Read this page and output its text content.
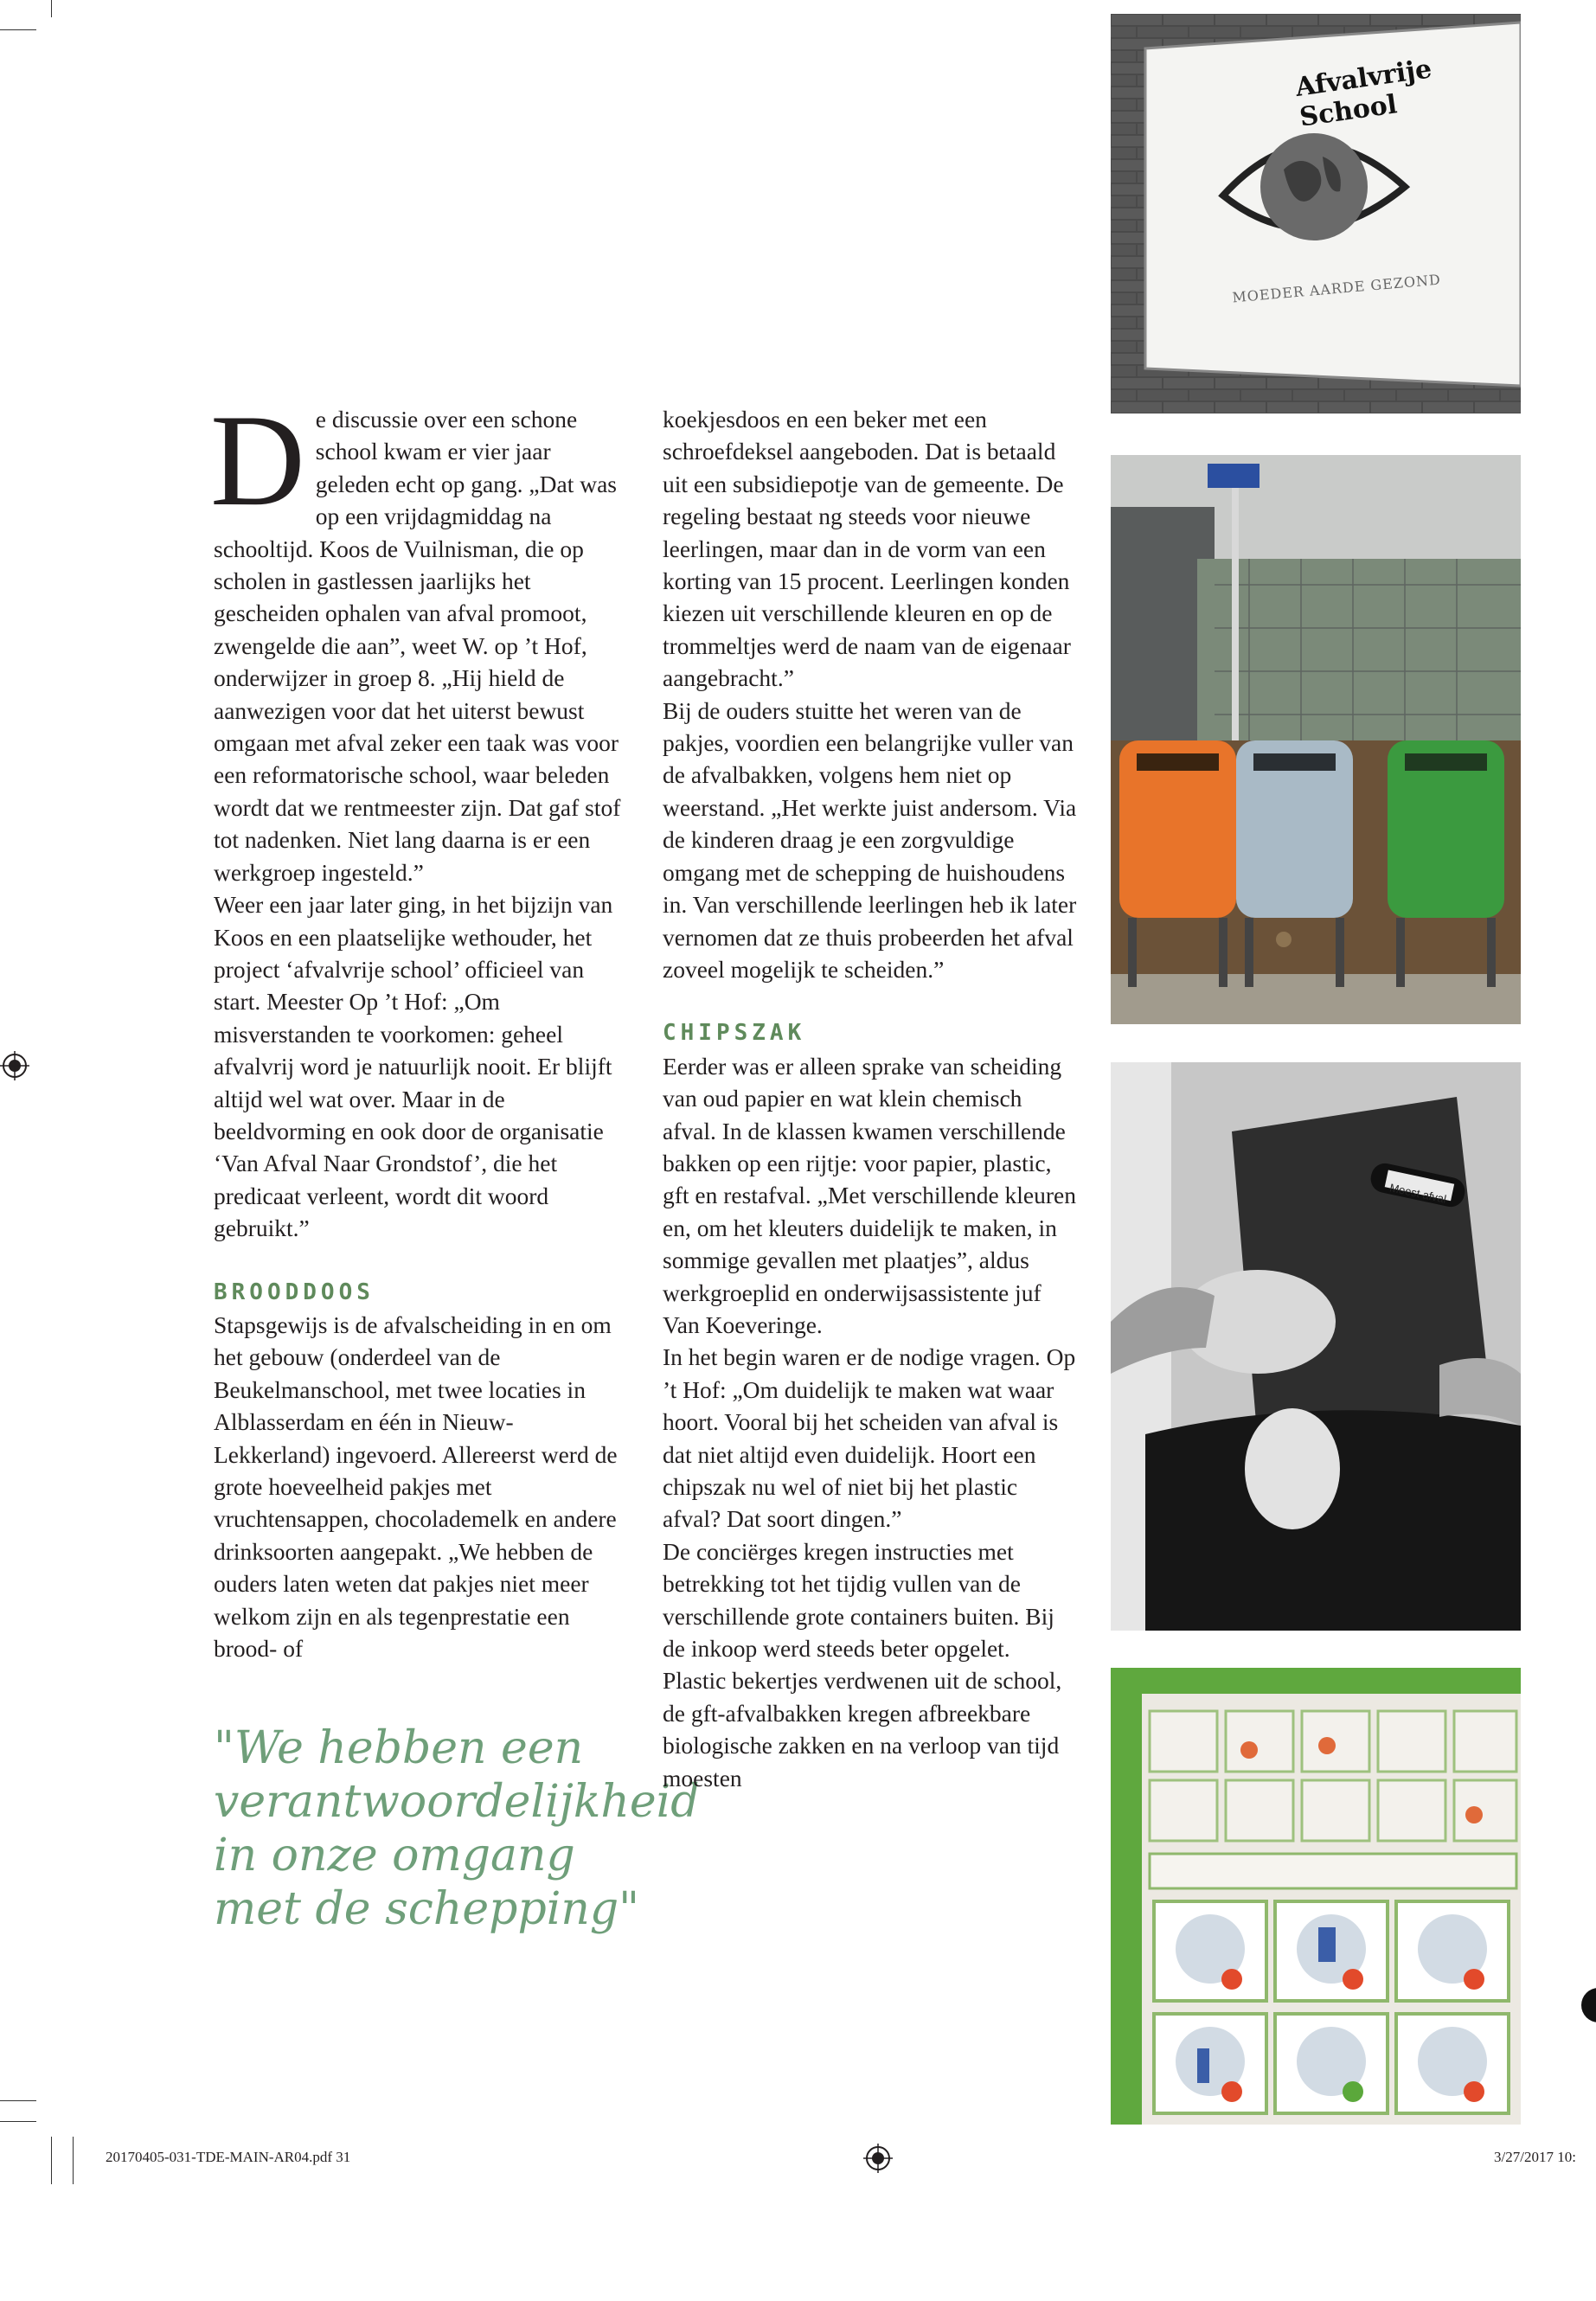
D e discussie over een schone school kwam er vier jaar geleden echt op gang. „Dat was op een vrijdagmiddag na schooltijd. Koos de Vuilnisman, die op scholen in gastlessen jaarlijks het gescheiden ophalen van afval promoot, zwengelde die aan”, weet W. op ’t Hof, onderwijzer in groep 8. „Hij hield de aanwezigen voor dat het uiterst bewust omgaan met afval zeker een taak was voor een reformatorische school, waar beleden wordt dat we rentmeester zijn. Dat gaf stof tot nadenken. Niet lang daarna is er een werkgroep ingesteld.”

Weer een jaar later ging, in het bijzijn van Koos en een plaatselijke wethouder, het project ‘afvalvrije school’ officieel van start. Meester Op ’t Hof: „Om misverstanden te voorkomen: geheel afvalvrij word je natuurlijk nooit. Er blijft altijd wel wat over. Maar in de beeldvorming en ook door de organisatie ‘Van Afval Naar Grondstof’, die het predicaat verleent, wordt dit woord gebruikt.”

BROODDOOS

Stapsgewijs is de afvalscheiding in en om het gebouw (onderdeel van de Beukelmanschool, met twee locaties in Alblasserdam en één in Nieuw-Lekkerland) ingevoerd. Allereerst werd de grote hoeveelheid pakjes met vruchtensappen, chocolademelk en andere drinksoorten aangepakt. „We hebben de ouders laten weten dat pakjes niet meer welkom zijn en als tegenprestatie een brood- of

"We hebben een verantwoordelijkheid in onze omgang met de schepping"

koekjesdoos en een beker met een schroefdeksel aangeboden. Dat is betaald uit een subsidiepotje van de gemeente. De regeling bestaat ng steeds voor nieuwe leerlingen, maar dan in de vorm van een korting van 15 procent. Leerlingen konden kiezen uit verschillende kleuren en op de trommeltjes werd de naam van de eigenaar aangebracht.”

Bij de ouders stuitte het weren van de pakjes, voordien een belangrijke vuller van de afvalbakken, volgens hem niet op weerstand. „Het werkte juist andersom. Via de kinderen draag je een zorgvuldige omgang met de schepping de huishoudens in. Van verschillende leerlingen heb ik later vernomen dat ze thuis probeerden het afval zoveel mogelijk te scheiden.”

CHIPSZAK

Eerder was er alleen sprake van scheiding van oud papier en wat klein chemisch afval. In de klassen kwamen verschillende bakken op een rijtje: voor papier, plastic, gft en restafval. „Met verschillende kleuren en, om het kleuters duidelijk te maken, in sommige gevallen met plaatjes”, aldus werkgroeplid en onderwijsassistente juf Van Koeveringe.

In het begin waren er de nodige vragen. Op ’t Hof: „Om duidelijk te maken wat waar hoort. Vooral bij het scheiden van afval is dat niet altijd even duidelijk. Hoort een chipszak nu wel of niet bij het plastic afval? Dat soort dingen.”

De conciërges kregen instructies met betrekking tot het tijdig vullen van de verschillende grote containers buiten. Bij de inkoop werd steeds beter opgelet. Plastic bekertjes verdwenen uit de school, de gft-afvalbakken kregen afbreekbare biologische zakken en na verloop van tijd moesten

Afvalvrije School
MOEDER AARDE GEZOND
Moest afval
20170405-031-TDE-MAIN-AR04.pdf 31	3/27/2017 10:
